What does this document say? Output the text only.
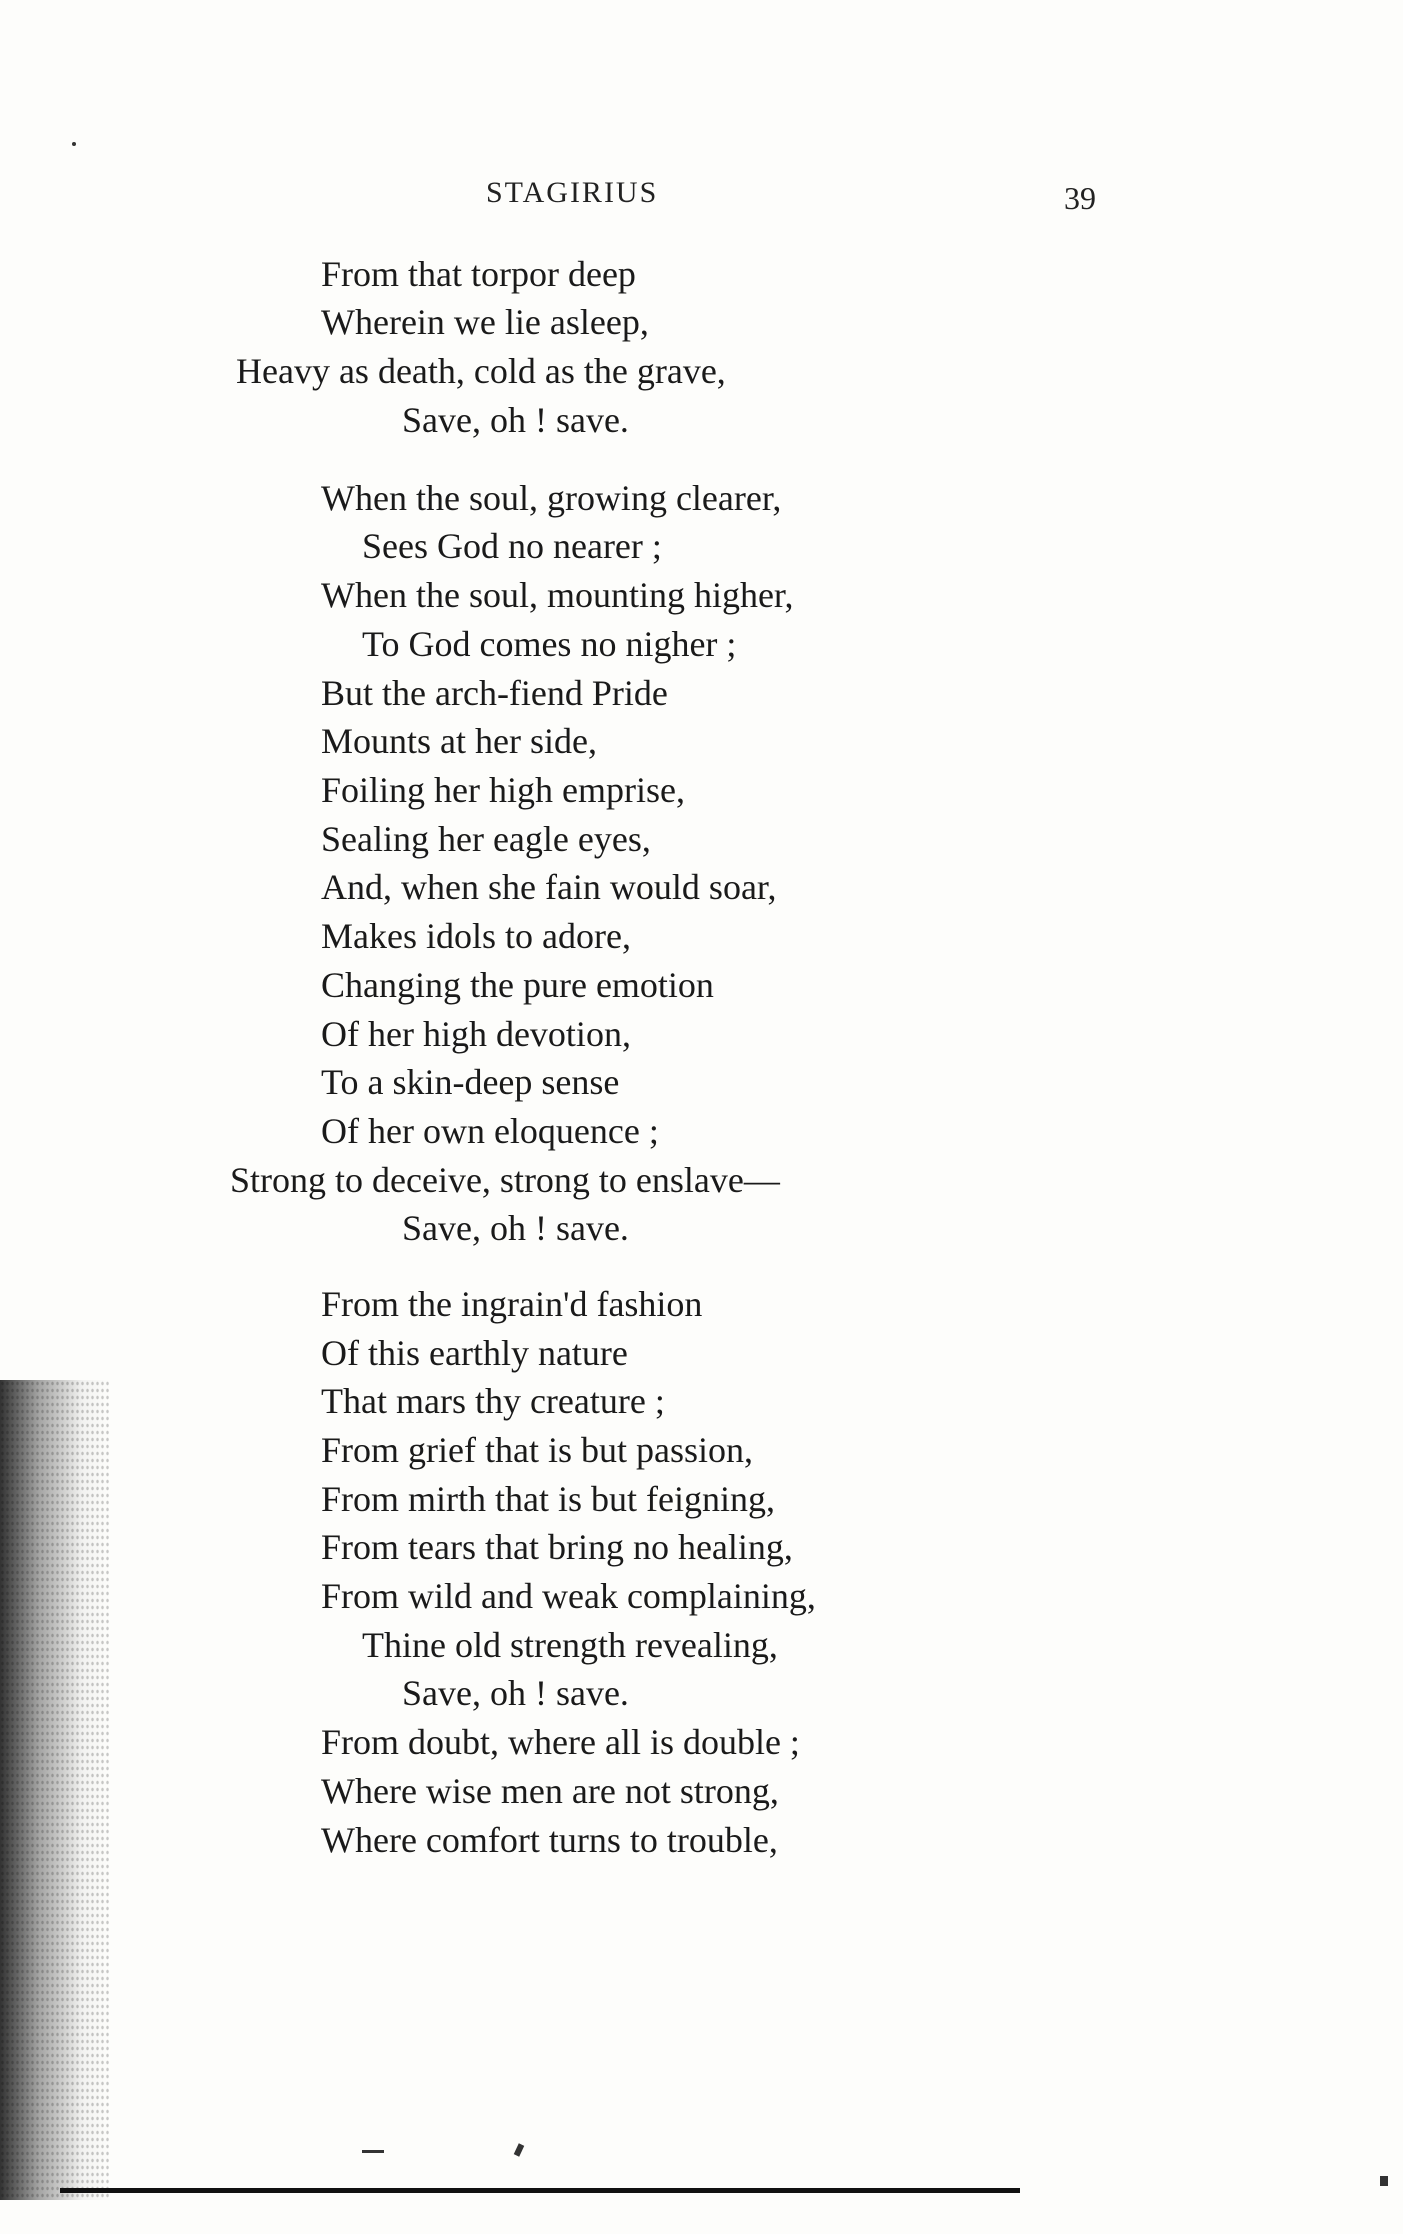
STAGIRIUS	39
From that torpor deep
Wherein we lie asleep,
Heavy as death, cold as the grave,
Save, oh ! save.
When the soul, growing clearer,
Sees God no nearer ;
When the soul, mounting higher,
To God comes no nigher ;
But the arch-fiend Pride
Mounts at her side,
Foiling her high emprise,
Sealing her eagle eyes,
And, when she fain would soar,
Makes idols to adore,
Changing the pure emotion
Of her high devotion,
To a skin-deep sense
Of her own eloquence ;
Strong to deceive, strong to enslave—
Save, oh ! save.
From the ingrain'd fashion
Of this earthly nature
That mars thy creature ;
From grief that is but passion,
From mirth that is but feigning,
From tears that bring no healing,
From wild and weak complaining,
Thine old strength revealing,
Save, oh ! save.
From doubt, where all is double ;
Where wise men are not strong,
Where comfort turns to trouble,
